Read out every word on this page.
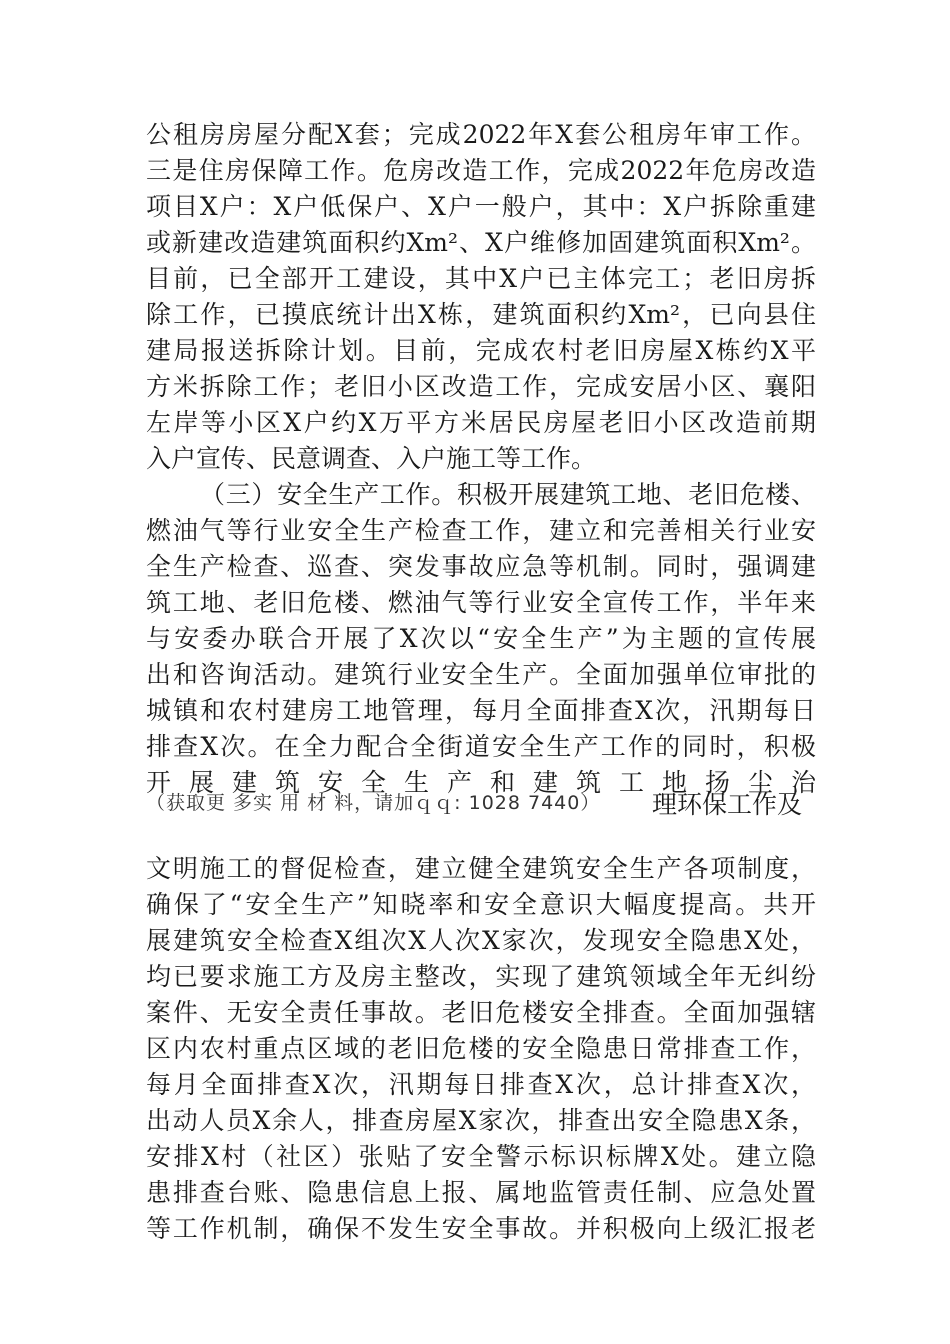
公租房房屋分配X套；完成2022年X套公租房年审工作。
三是住房保障工作。危房改造工作，完成2022年危房改造
项目X户：X户低保户、X户一般户，其中：X户拆除重建
或新建改造建筑面积约Xm²、X户维修加固建筑面积Xm²。
目前，已全部开工建设，其中X户已主体完工；老旧房拆
除工作，已摸底统计出X栋，建筑面积约Xm²，已向县住
建局报送拆除计划。目前，完成农村老旧房屋X栋约X平
方米拆除工作；老旧小区改造工作，完成安居小区、襄阳
左岸等小区X户约X万平方米居民房屋老旧小区改造前期
入户宣传、民意调查、入户施工等工作。
（三）安全生产工作。积极开展建筑工地、老旧危楼、
燃油气等行业安全生产检查工作，建立和完善相关行业安
全生产检查、巡查、突发事故应急等机制。同时，强调建
筑工地、老旧危楼、燃油气等行业安全宣传工作，半年来
与安委办联合开展了X次以“安全生产”为主题的宣传展
出和咨询活动。建筑行业安全生产。全面加强单位审批的
城镇和农村建房工地管理，每月全面排查X次，汛期每日
排查X次。在全力配合全街道安全生产工作的同时，积极
开展建筑安全生产和建筑工地扬尘治
（获取更 多实 用 材 料，请加ｑｑ: 1028 7440） 理环保工作及
文明施工的督促检查，建立健全建筑安全生产各项制度，
确保了“安全生产”知晓率和安全意识大幅度提高。共开
展建筑安全检查X组次X人次X家次，发现安全隐患X处，
均已要求施工方及房主整改，实现了建筑领域全年无纠纷
案件、无安全责任事故。老旧危楼安全排查。全面加强辖
区内农村重点区域的老旧危楼的安全隐患日常排查工作，
每月全面排查X次，汛期每日排查X次，总计排查X次，
出动人员X余人，排查房屋X家次，排查出安全隐患X条，
安排X村（社区）张贴了安全警示标识标牌X处。建立隐
患排查台账、隐患信息上报、属地监管责任制、应急处置
等工作机制，确保不发生安全事故。并积极向上级汇报老
